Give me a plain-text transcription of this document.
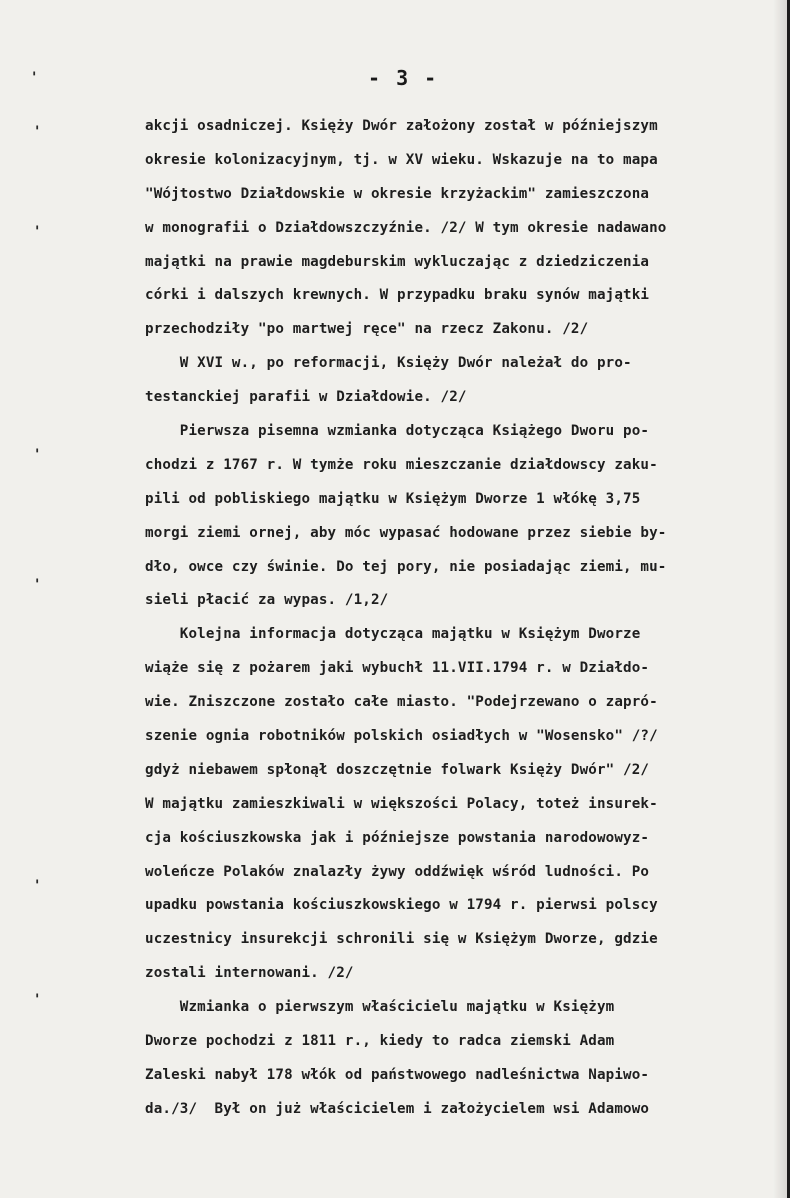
- 3 -

'
'
'
'
'
'
'
akcji osadniczej. Księży Dwór założony został w późniejszym
okresie kolonizacyjnym, tj. w XV wieku. Wskazuje na to mapa
"Wójtostwo Działdowskie w okresie krzyżackim" zamieszczona
w monografii o Działdowszczyźnie. /2/ W tym okresie nadawano
majątki na prawie magdeburskim wykluczając z dziedziczenia
córki i dalszych krewnych. W przypadku braku synów majątki
przechodziły "po martwej ręce" na rzecz Zakonu. /2/
W XVI w., po reformacji, Księży Dwór należał do pro-
testanckiej parafii w Działdowie. /2/
Pierwsza pisemna wzmianka dotycząca Książego Dworu po-
chodzi z 1767 r. W tymże roku mieszczanie działdowscy zaku-
pili od pobliskiego majątku w Księżym Dworze 1 włókę 3,75
morgi ziemi ornej, aby móc wypasać hodowane przez siebie by-
dło, owce czy świnie. Do tej pory, nie posiadając ziemi, mu-
sieli płacić za wypas. /1,2/
Kolejna informacja dotycząca majątku w Księżym Dworze
wiąże się z pożarem jaki wybuchł 11.VII.1794 r. w Działdo-
wie. Zniszczone zostało całe miasto. "Podejrzewano o zapró-
szenie ognia robotników polskich osiadłych w "Wosensko" /?/
gdyż niebawem spłonął doszczętnie folwark Księży Dwór" /2/
W majątku zamieszkiwali w większości Polacy, toteż insurek-
cja kościuszkowska jak i późniejsze powstania narodowowyz-
woleńcze Polaków znalazły żywy oddźwięk wśród ludności. Po
upadku powstania kościuszkowskiego w 1794 r. pierwsi polscy
uczestnicy insurekcji schronili się w Księżym Dworze, gdzie
zostali internowani. /2/
Wzmianka o pierwszym właścicielu majątku w Księżym
Dworze pochodzi z 1811 r., kiedy to radca ziemski Adam
Zaleski nabył 178 włók od państwowego nadleśnictwa Napiwo-
da./3/  Był on już właścicielem i założycielem wsi Adamowo
